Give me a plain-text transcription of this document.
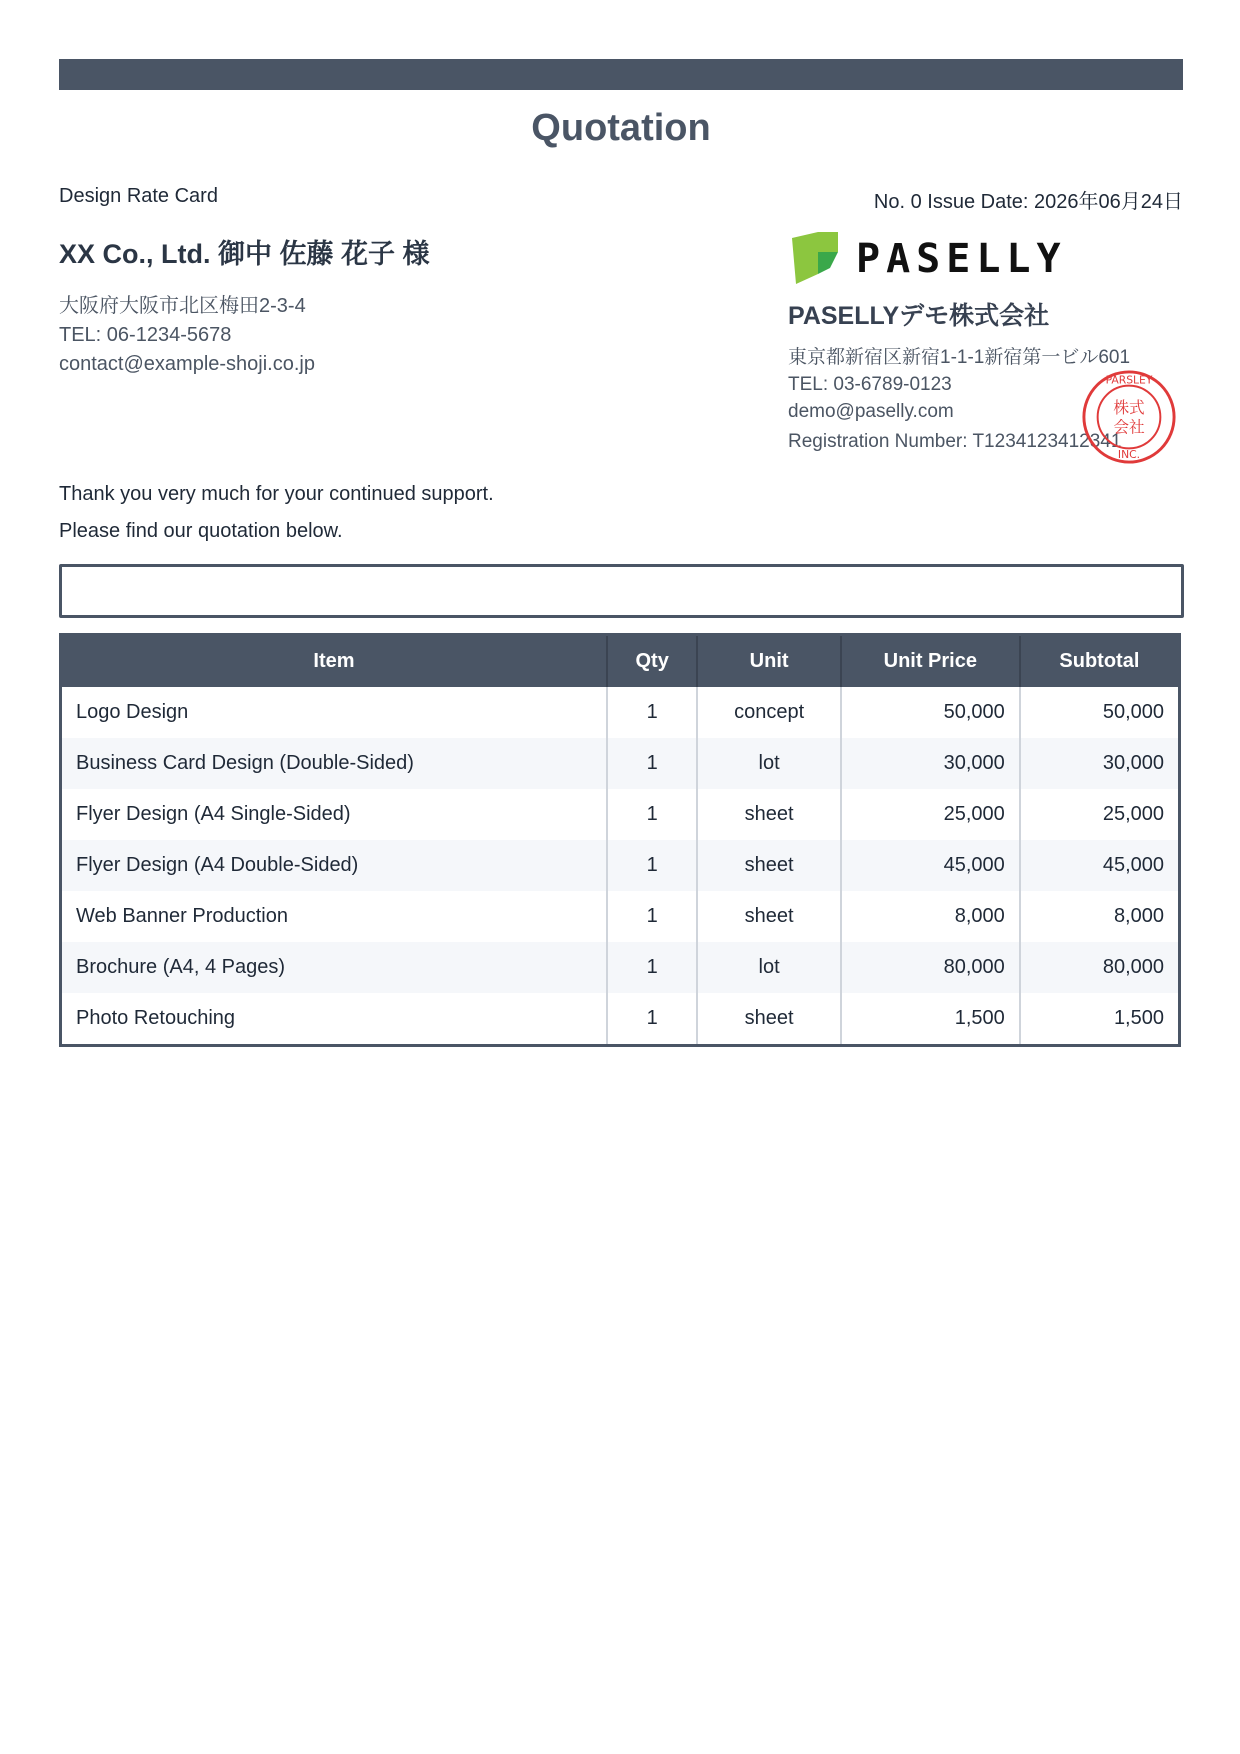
Quotation
Design Rate Card	No. 0 Issue Date: 2026年06月24日
XX Co., Ltd. 御中 佐藤 花子 様
大阪府大阪市北区梅田2-3-4
TEL: 06-1234-5678
contact@example-shoji.co.jp
PASELLY
PASELLYデモ株式会社
東京都新宿区新宿1-1-1新宿第一ビル601
TEL: 03-6789-0123
demo@paselly.com
Registration Number: T1234123412341
PARSLEY
株式
会社
INC.
Thank you very much for your continued support.
Please find our quotation below.
Item	Qty	Unit	Unit Price	Subtotal
Logo Design	1	concept	50,000	50,000
Business Card Design (Double-Sided)	1	lot	30,000	30,000
Flyer Design (A4 Single-Sided)	1	sheet	25,000	25,000
Flyer Design (A4 Double-Sided)	1	sheet	45,000	45,000
Web Banner Production	1	sheet	8,000	8,000
Brochure (A4, 4 Pages)	1	lot	80,000	80,000
Photo Retouching	1	sheet	1,500	1,500
